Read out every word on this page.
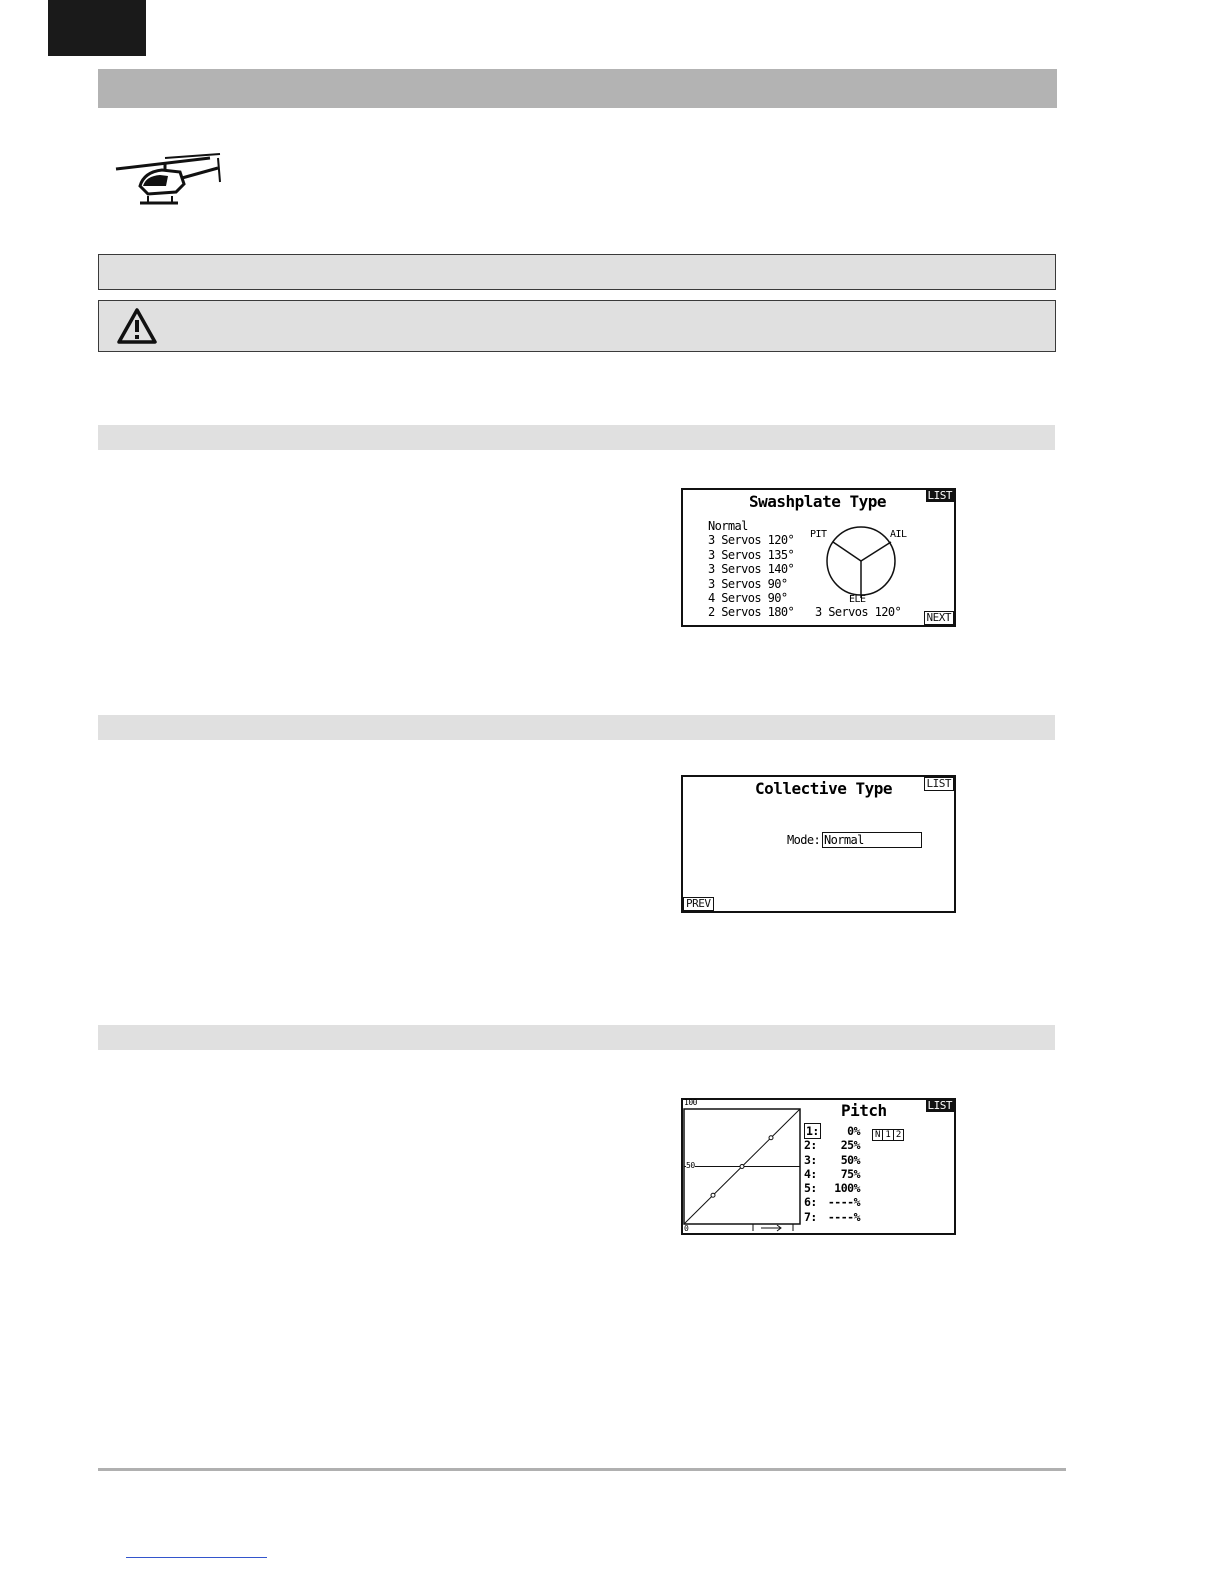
Swashplate Type	LIST
Normal
3 Servos 120°
3 Servos 135°
3 Servos 140°
3 Servos 90°
4 Servos 90°
2 Servos 180°
PIT	AIL
ELE
3 Servos 120° NEXT
Collective Type	LIST
Mode: Normal
PREV
100
50
0
Pitch	LIST
N 1 2
1:	0%
2:	25%
3:	50%
4:	75%
5:	100%
6: ----%
7: ----%
